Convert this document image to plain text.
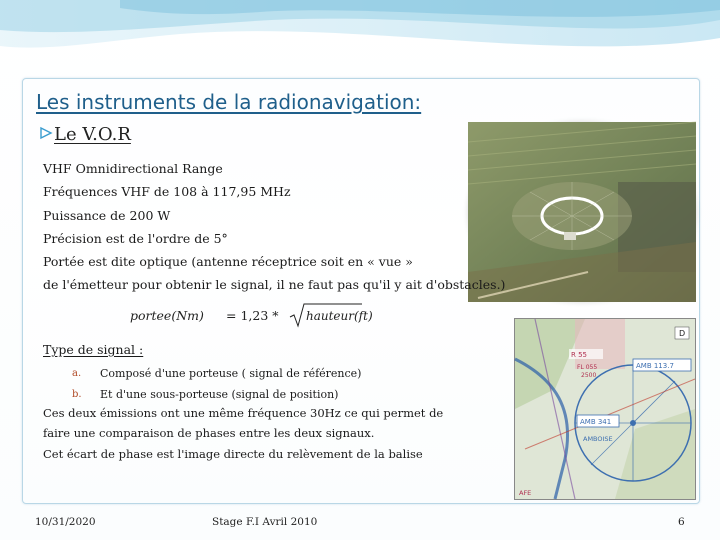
Les instruments de la radionavigation:
Le V.O.R
VHF Omnidirectional Range
Fréquences VHF de 108 à 117,95 MHz
Puissance de 200 W
Précision est de l'ordre de 5°
Portée est dite optique (antenne réceptrice soit en « vue »
de l'émetteur pour obtenir le signal, il ne faut pas qu'il y ait d'obstacles.)
portee(Nm) = 1,23 * hauteur(ft)
Type de signal :
a.	Composé d'une porteuse ( signal de référence)
b.	Et d'une sous-porteuse (signal de position)
Ces deux émissions ont une même fréquence 30Hz ce qui permet de
faire une comparaison de phases entre les deux signaux.
Cet écart de phase est l'image directe du relèvement de la balise
R 55
FL 055
2500
AMB 113.7
AMB 341
AMBOISE
D
AFE
10/31/2020	Stage F.I Avril 2010	6
